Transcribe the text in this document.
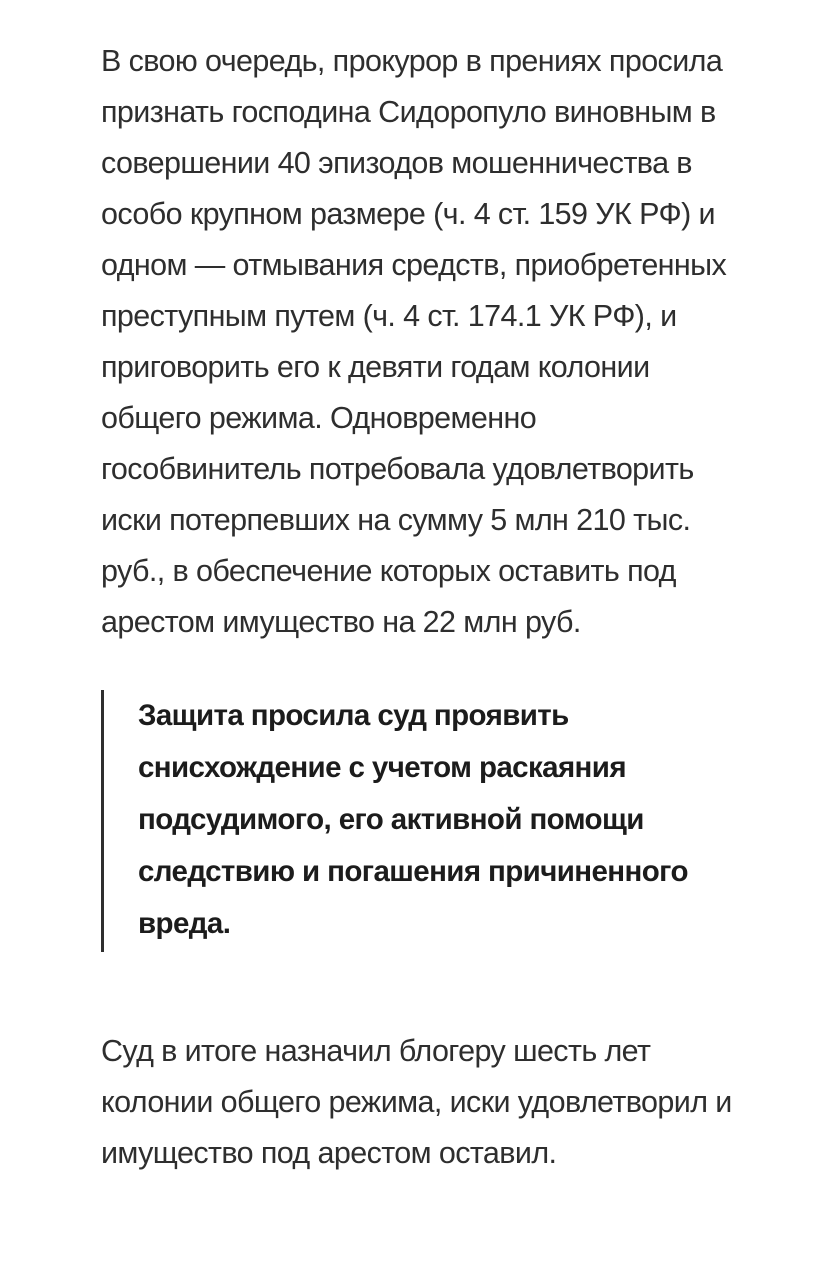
В свою очередь, прокурор в прениях просила признать господина Сидоропуло виновным в совершении 40 эпизодов мошенничества в особо крупном размере (ч. 4 ст. 159 УК РФ) и одном — отмывания средств, приобретенных преступным путем (ч. 4 ст. 174.1 УК РФ), и приговорить его к девяти годам колонии общего режима. Одновременно гособвинитель потребовала удовлетворить иски потерпевших на сумму 5 млн 210 тыс. руб., в обеспечение которых оставить под арестом имущество на 22 млн руб.

Защита просила суд проявить снисхождение с учетом раскаяния подсудимого, его активной помощи следствию и погашения причиненного вреда.

Суд в итоге назначил блогеру шесть лет колонии общего режима, иски удовлетворил и имущество под арестом оставил.
